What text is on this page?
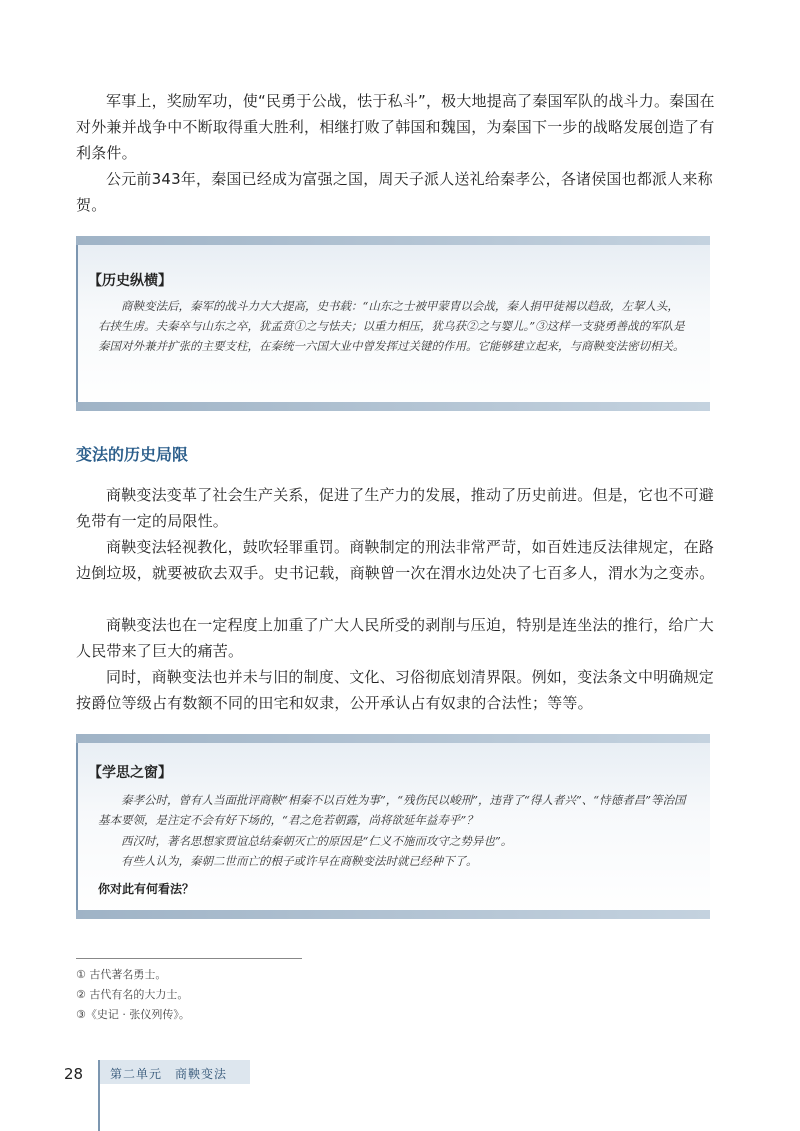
军事上，奖励军功，使“民勇于公战，怯于私斗”，极大地提高了秦国军队的战斗力。秦国在对外兼并战争中不断取得重大胜利，相继打败了韩国和魏国，为秦国下一步的战略发展创造了有利条件。

公元前343年，秦国已经成为富强之国，周天子派人送礼给秦孝公，各诸侯国也都派人来称贺。

【历史纵横】

商鞅变法后，秦军的战斗力大大提高，史书载：“山东之士被甲蒙胄以会战，秦人捐甲徒裼以趋敌，左挈人头，右挟生虏。夫秦卒与山东之卒，犹孟贲①之与怯夫；以重力相压，犹乌获②之与婴儿。”③这样一支骁勇善战的军队是秦国对外兼并扩张的主要支柱，在秦统一六国大业中曾发挥过关键的作用。它能够建立起来，与商鞅变法密切相关。

变法的历史局限

商鞅变法变革了社会生产关系，促进了生产力的发展，推动了历史前进。但是，它也不可避免带有一定的局限性。

商鞅变法轻视教化，鼓吹轻罪重罚。商鞅制定的刑法非常严苛，如百姓违反法律规定，在路边倒垃圾，就要被砍去双手。史书记载，商鞅曾一次在渭水边处决了七百多人，渭水为之变赤。

商鞅变法也在一定程度上加重了广大人民所受的剥削与压迫，特别是连坐法的推行，给广大人民带来了巨大的痛苦。

同时，商鞅变法也并未与旧的制度、文化、习俗彻底划清界限。例如，变法条文中明确规定按爵位等级占有数额不同的田宅和奴隶，公开承认占有奴隶的合法性；等等。

【学思之窗】

秦孝公时，曾有人当面批评商鞅“相秦不以百姓为事”，“残伤民以峻刑”，违背了“得人者兴”、“恃德者昌”等治国基本要领，是注定不会有好下场的，“君之危若朝露，尚将欲延年益寿乎”？

西汉时，著名思想家贾谊总结秦朝灭亡的原因是“仁义不施而攻守之势异也”。

有些人认为，秦朝二世而亡的根子或许早在商鞅变法时就已经种下了。

你对此有何看法？
① 古代著名勇士。
② 古代有名的大力士。
③《史记 · 张仪列传》。
28 第二单元　商鞅变法
